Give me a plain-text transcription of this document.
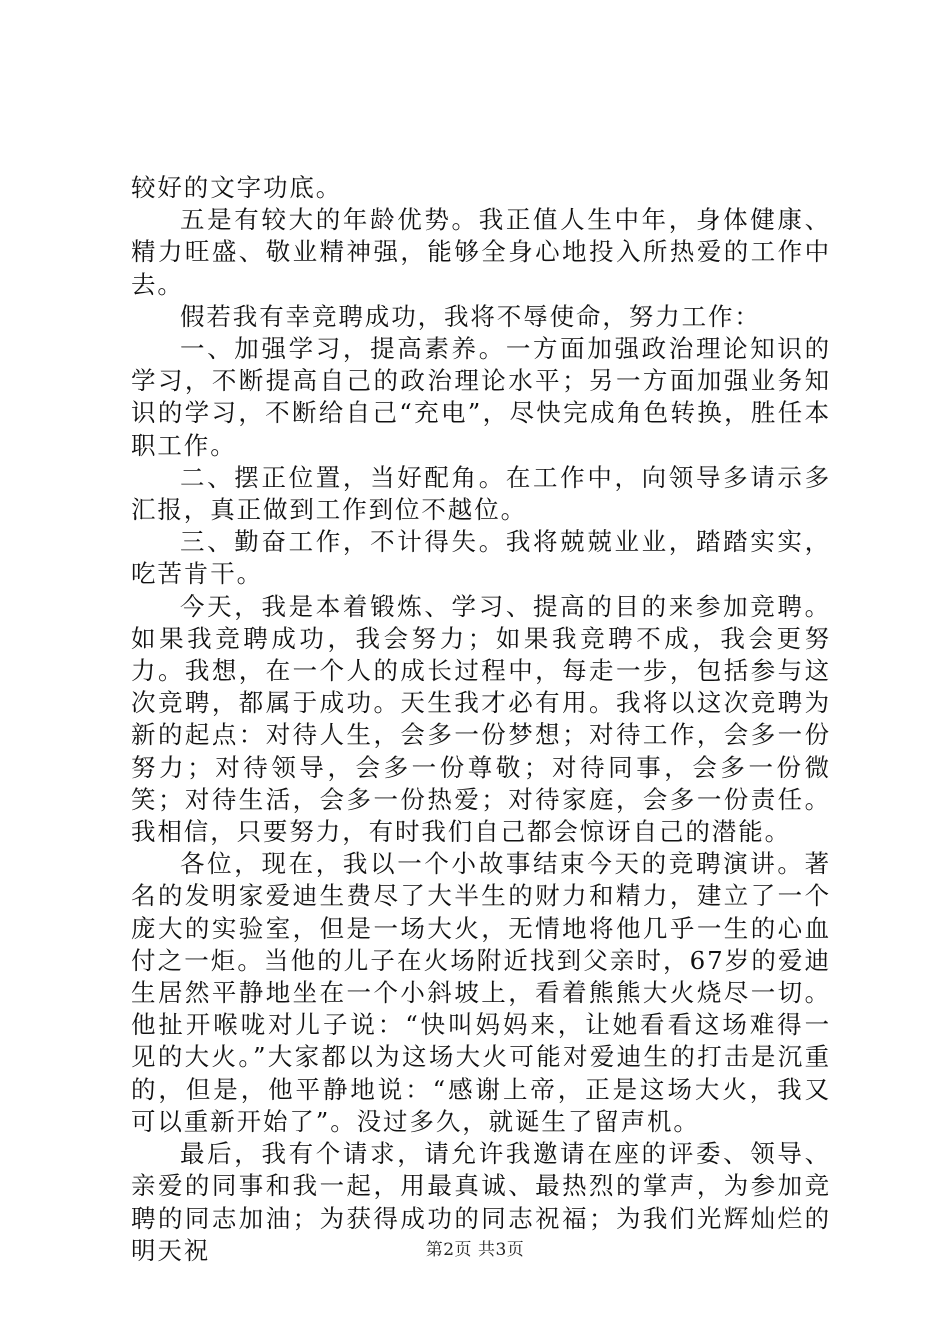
较好的文字功底。

五是有较大的年龄优势。我正值人生中年，身体健康、精力旺盛、敬业精神强，能够全身心地投入所热爱的工作中去。

假若我有幸竞聘成功，我将不辱使命，努力工作：

一、加强学习，提高素养。一方面加强政治理论知识的学习，不断提高自己的政治理论水平；另一方面加强业务知识的学习，不断给自己“充电”，尽快完成角色转换，胜任本职工作。

二、摆正位置，当好配角。在工作中，向领导多请示多汇报，真正做到工作到位不越位。

三、勤奋工作，不计得失。我将兢兢业业，踏踏实实，吃苦肯干。

今天，我是本着锻炼、学习、提高的目的来参加竞聘。如果我竞聘成功，我会努力；如果我竞聘不成，我会更努力。我想，在一个人的成长过程中，每走一步，包括参与这次竞聘，都属于成功。天生我才必有用。我将以这次竞聘为新的起点：对待人生，会多一份梦想；对待工作，会多一份努力；对待领导，会多一份尊敬；对待同事，会多一份微笑；对待生活，会多一份热爱；对待家庭，会多一份责任。我相信，只要努力，有时我们自己都会惊讶自己的潜能。

各位，现在，我以一个小故事结束今天的竞聘演讲。著名的发明家爱迪生费尽了大半生的财力和精力，建立了一个庞大的实验室，但是一场大火，无情地将他几乎一生的心血付之一炬。当他的儿子在火场附近找到父亲时，67岁的爱迪生居然平静地坐在一个小斜坡上，看着熊熊大火烧尽一切。他扯开喉咙对儿子说：“快叫妈妈来，让她看看这场难得一见的大火。”大家都以为这场大火可能对爱迪生的打击是沉重的，但是，他平静地说：“感谢上帝，正是这场大火，我又可以重新开始了”。没过多久，就诞生了留声机。

最后，我有个请求，请允许我邀请在座的评委、领导、亲爱的同事和我一起，用最真诚、最热烈的掌声，为参加竞聘的同志加油；为获得成功的同志祝福；为我们光辉灿烂的明天祝	第2页 共3页
